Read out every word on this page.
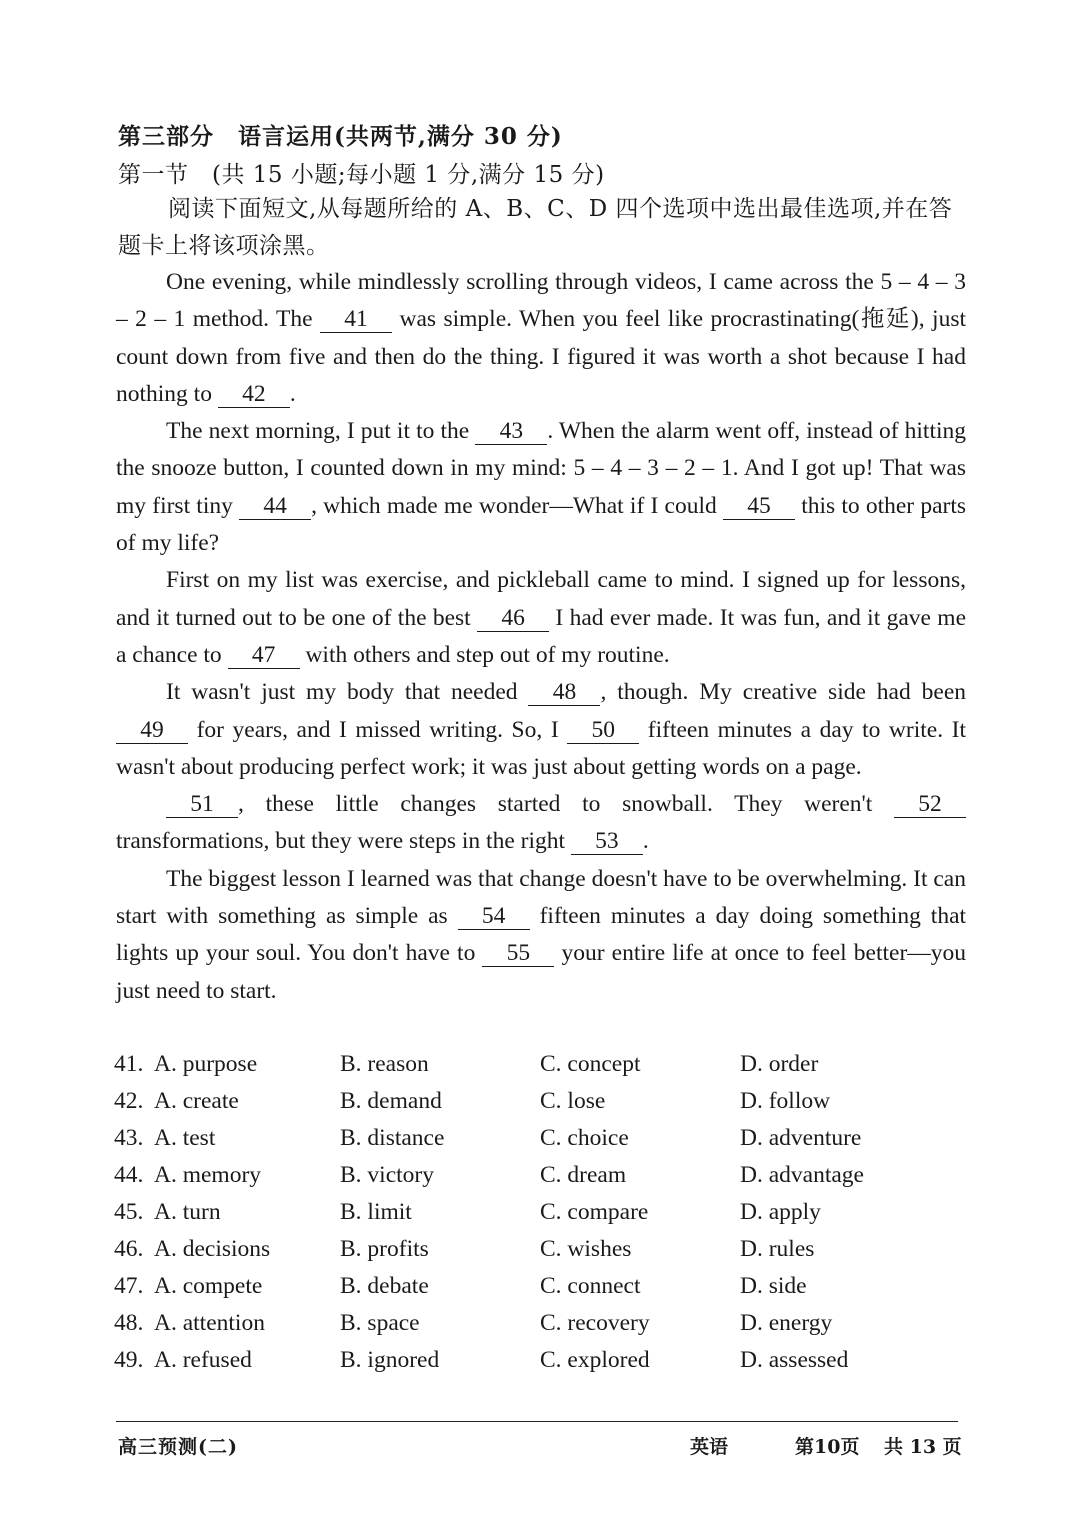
第三部分　语言运用(共两节,满分 30 分)
第一节　(共 15 小题;每小题 1 分,满分 15 分)
阅读下面短文,从每题所给的 A、B、C、D 四个选项中选出最佳选项,并在答题卡上将该项涂黑。

One evening, while mindlessly scrolling through videos, I came across the 5 – 4 – 3 – 2 – 1 method. The 41 was simple. When you feel like procrastinating(拖延), just count down from five and then do the thing. I figured it was worth a shot because I had nothing to 42 .

The next morning, I put it to the 43 . When the alarm went off, instead of hitting the snooze button, I counted down in my mind: 5 – 4 – 3 – 2 – 1. And I got up! That was my first tiny 44 , which made me wonder—What if I could 45 this to other parts of my life?

First on my list was exercise, and pickleball came to mind. I signed up for lessons, and it turned out to be one of the best 46 I had ever made. It was fun, and it gave me a chance to 47 with others and step out of my routine.

It wasn't just my body that needed 48 , though. My creative side had been 49 for years, and I missed writing. So, I 50 fifteen minutes a day to write. It wasn't about producing perfect work; it was just about getting words on a page.

51 , these little changes started to snowball. They weren't 52 transformations, but they were steps in the right 53 .

The biggest lesson I learned was that change doesn't have to be overwhelming. It can start with something as simple as 54 fifteen minutes a day doing something that lights up your soul. You don't have to 55 your entire life at once to feel better—you just need to start.

41. A. purpose	B. reason	C. concept	D. order
42. A. create	B. demand	C. lose	D. follow
43. A. test	B. distance	C. choice	D. adventure
44. A. memory	B. victory	C. dream	D. advantage
45. A. turn	B. limit	C. compare	D. apply
46. A. decisions	B. profits	C. wishes	D. rules
47. A. compete	B. debate	C. connect	D. side
48. A. attention	B. space	C. recovery	D. energy
49. A. refused	B. ignored	C. explored	D. assessed
高三预测(二)	英语	第10页 共 13 页
